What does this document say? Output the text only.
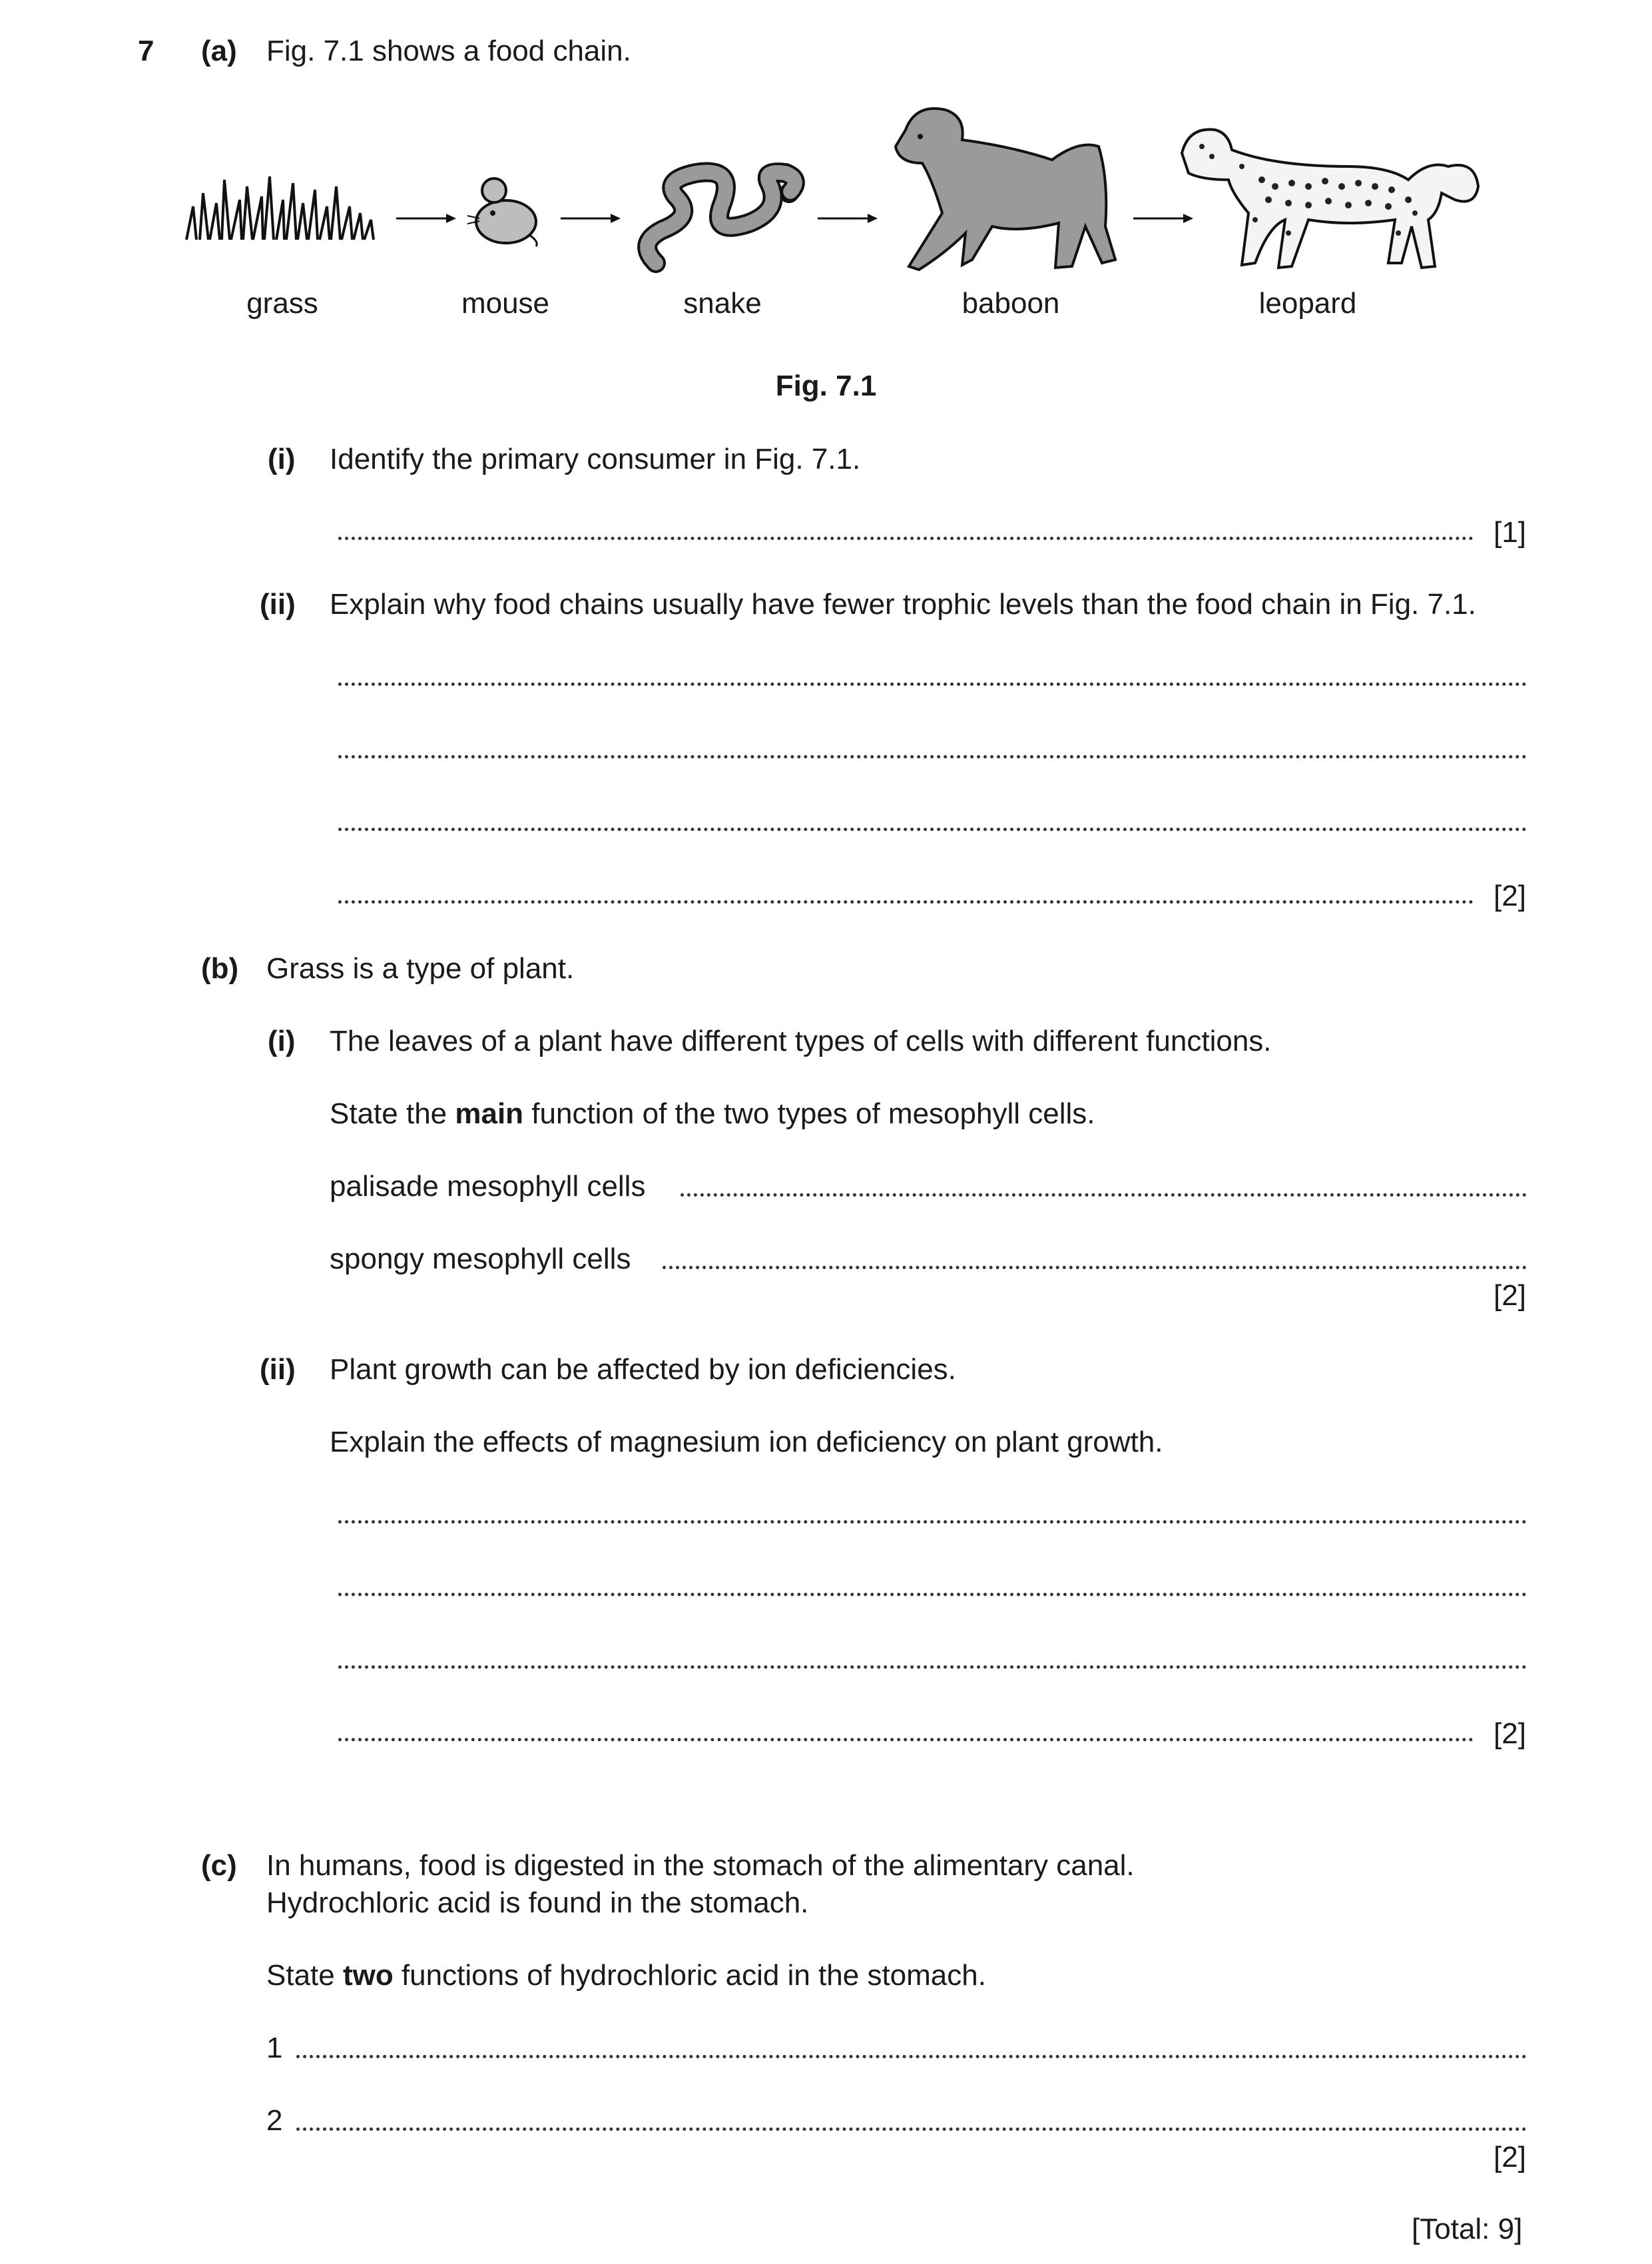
7 (a) Fig. 7.1 shows a food chain.
grass	mouse	snake	baboon	leopard
Fig. 7.1
(i) Identify the primary consumer in Fig. 7.1.
[1]
(ii) Explain why food chains usually have fewer trophic levels than the food chain in Fig. 7.1.
[2]
(b) Grass is a type of plant.
(i) The leaves of a plant have different types of cells with different functions.
State the main function of the two types of mesophyll cells.
palisade mesophyll cells
spongy mesophyll cells
[2]
(ii) Plant growth can be affected by ion deficiencies.
Explain the effects of magnesium ion deficiency on plant growth.
[2]
(c) In humans, food is digested in the stomach of the alimentary canal.
Hydrochloric acid is found in the stomach.
State two functions of hydrochloric acid in the stomach.
1
2
[2]
[Total: 9]
